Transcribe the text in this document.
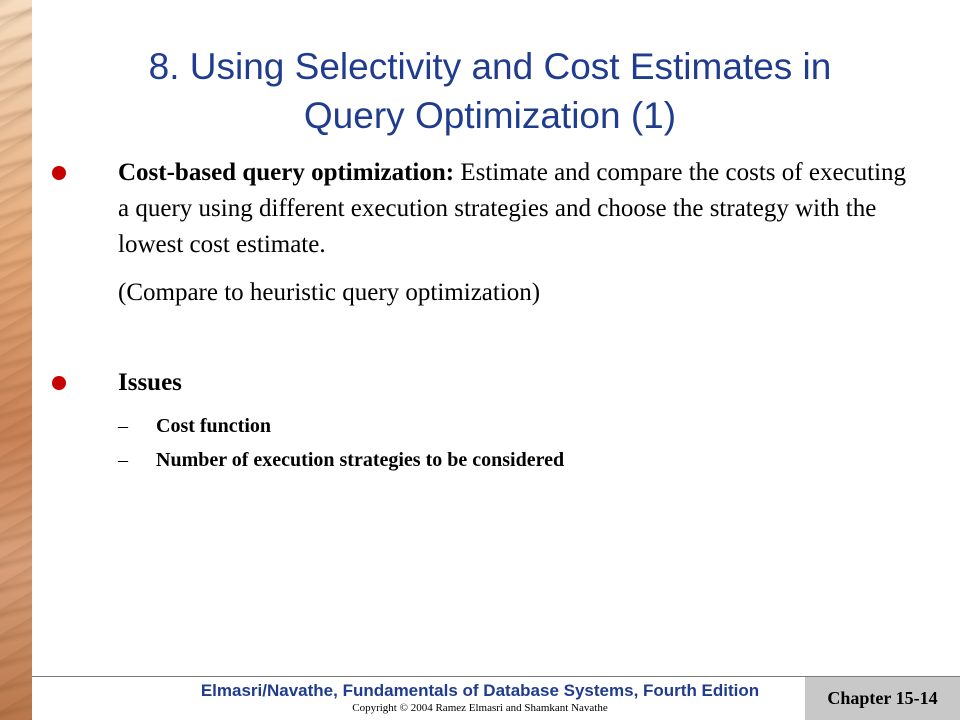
8. Using Selectivity and Cost Estimates in
Query Optimization (1)
Cost-based query optimization: Estimate and compare the costs of executing a query using different execution strategies and choose the strategy with the lowest cost estimate.
(Compare to heuristic query optimization)
Issues
– Cost function
– Number of execution strategies to be considered
Elmasri/Navathe, Fundamentals of Database Systems, Fourth Edition
Copyright © 2004 Ramez Elmasri and Shamkant Navathe	Chapter 15-14
